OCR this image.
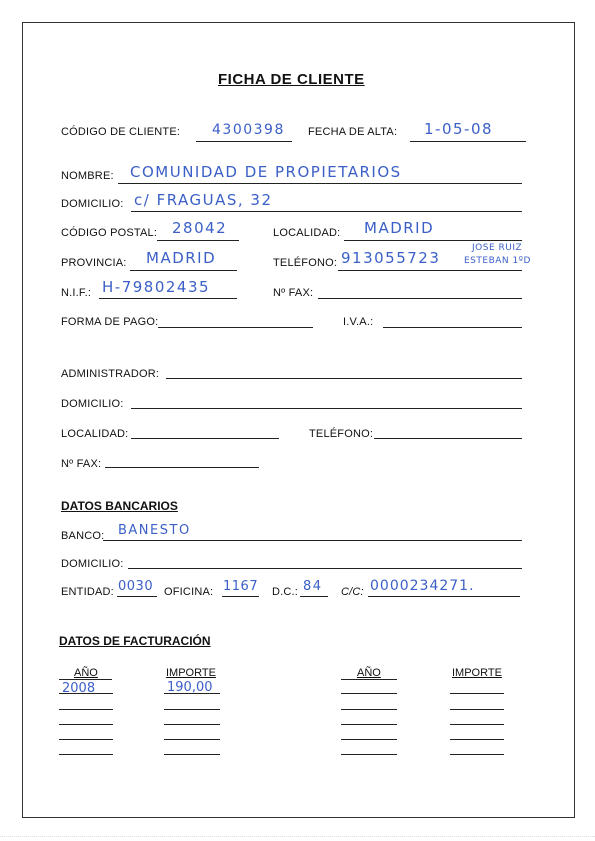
FICHA DE CLIENTE
CÓDIGO DE CLIENTE: 4300398 FECHA DE ALTA: 1-05-08
NOMBRE: COMUNIDAD DE PROPIETARIOS
DOMICILIO: c/ FRAGUAS, 32
CÓDIGO POSTAL: 28042	LOCALIDAD: MADRID
PROVINCIA: MADRID	TELÉFONO: 913055723
JOSE RUIZ
ESTEBAN 1ºD
N.I.F.: H-79802435	Nº FAX:
FORMA DE PAGO:	I.V.A.:
ADMINISTRADOR:
DOMICILIO:
LOCALIDAD:	TELÉFONO:
Nº FAX:
DATOS BANCARIOS
BANCO: BANESTO
DOMICILIO:
ENTIDAD: 0030 OFICINA: 1167 D.C.: 84 C/C: 0000234271.
DATOS DE FACTURACIÓN
AÑO	IMPORTE	AÑO	IMPORTE
2008	190,00
